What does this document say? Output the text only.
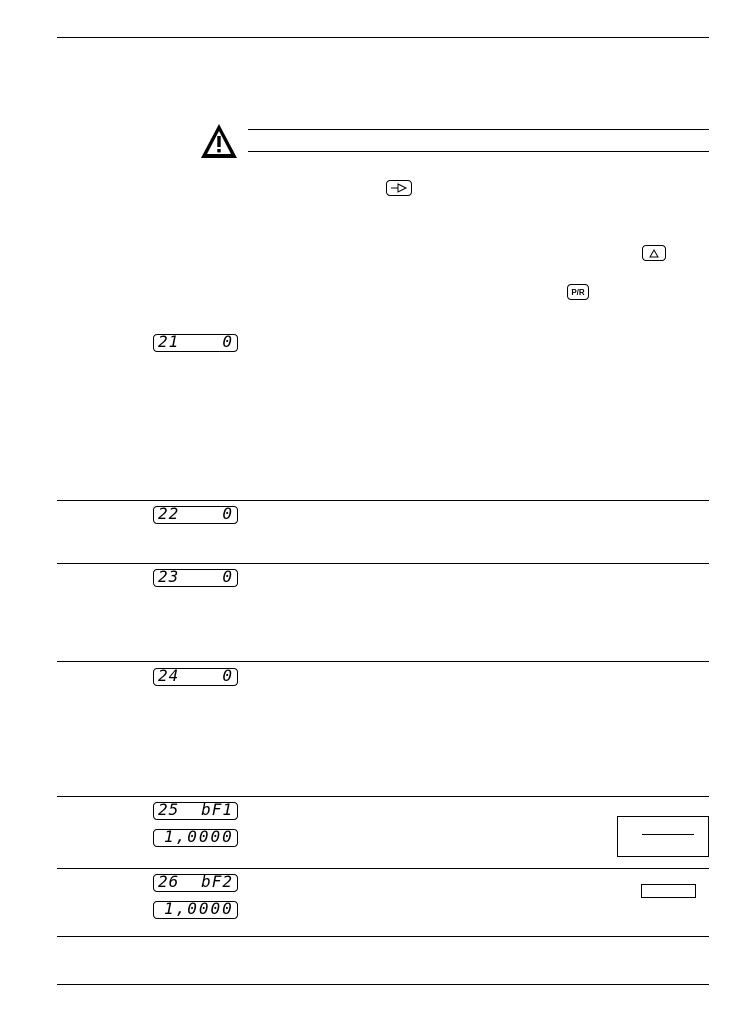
P/R
21	0
22	0
23	0
24	0
25 bF1
1,0000
26 bF2
1,0000
